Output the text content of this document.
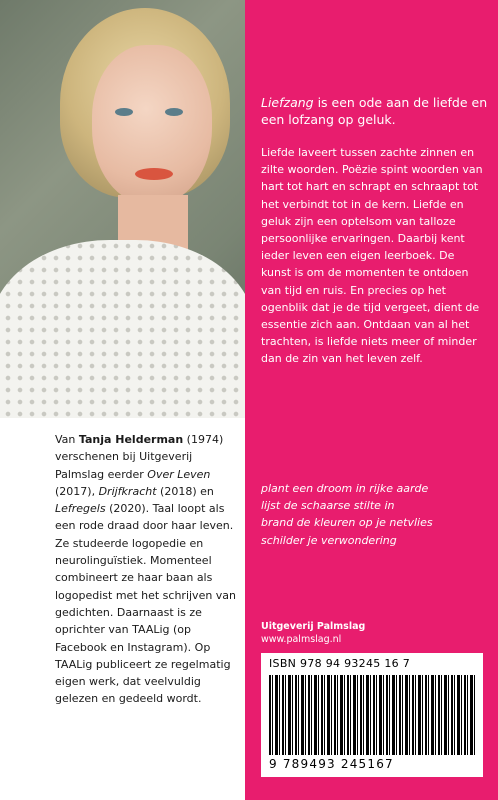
Liefzang is een ode aan de liefde en een lofzang op geluk.
Liefde laveert tussen zachte zinnen en zilte woorden. Poëzie spint woorden van hart tot hart en schrapt en schraapt tot het verbindt tot in de kern. Liefde en geluk zijn een optelsom van talloze persoonlijke ervaringen. Daarbij kent ieder leven een eigen leerboek. De kunst is om de momenten te ontdoen van tijd en ruis. En precies op het ogenblik dat je de tijd vergeet, dient de essentie zich aan. Ontdaan van al het trachten, is liefde niets meer of minder dan de zin van het leven zelf.
plant een droom in rijke aarde
lijst de schaarse stilte in
brand de kleuren op je netvlies
schilder je verwondering
Uitgeverij Palmslag
www.palmslag.nl
ISBN 978 94 93245 16 7
9 789493 245167
Van Tanja Helderman (1974) verschenen bij Uitgeverij Palmslag eerder Over Leven (2017), Drijfkracht (2018) en Lefregels (2020). Taal loopt als een rode draad door haar leven. Ze studeerde logopedie en neurolinguïstiek. Momenteel combineert ze haar baan als logopedist met het schrijven van gedichten. Daarnaast is ze oprichter van TAALig (op Facebook en Instagram). Op TAALig publiceert ze regelmatig eigen werk, dat veelvuldig gelezen en gedeeld wordt.
